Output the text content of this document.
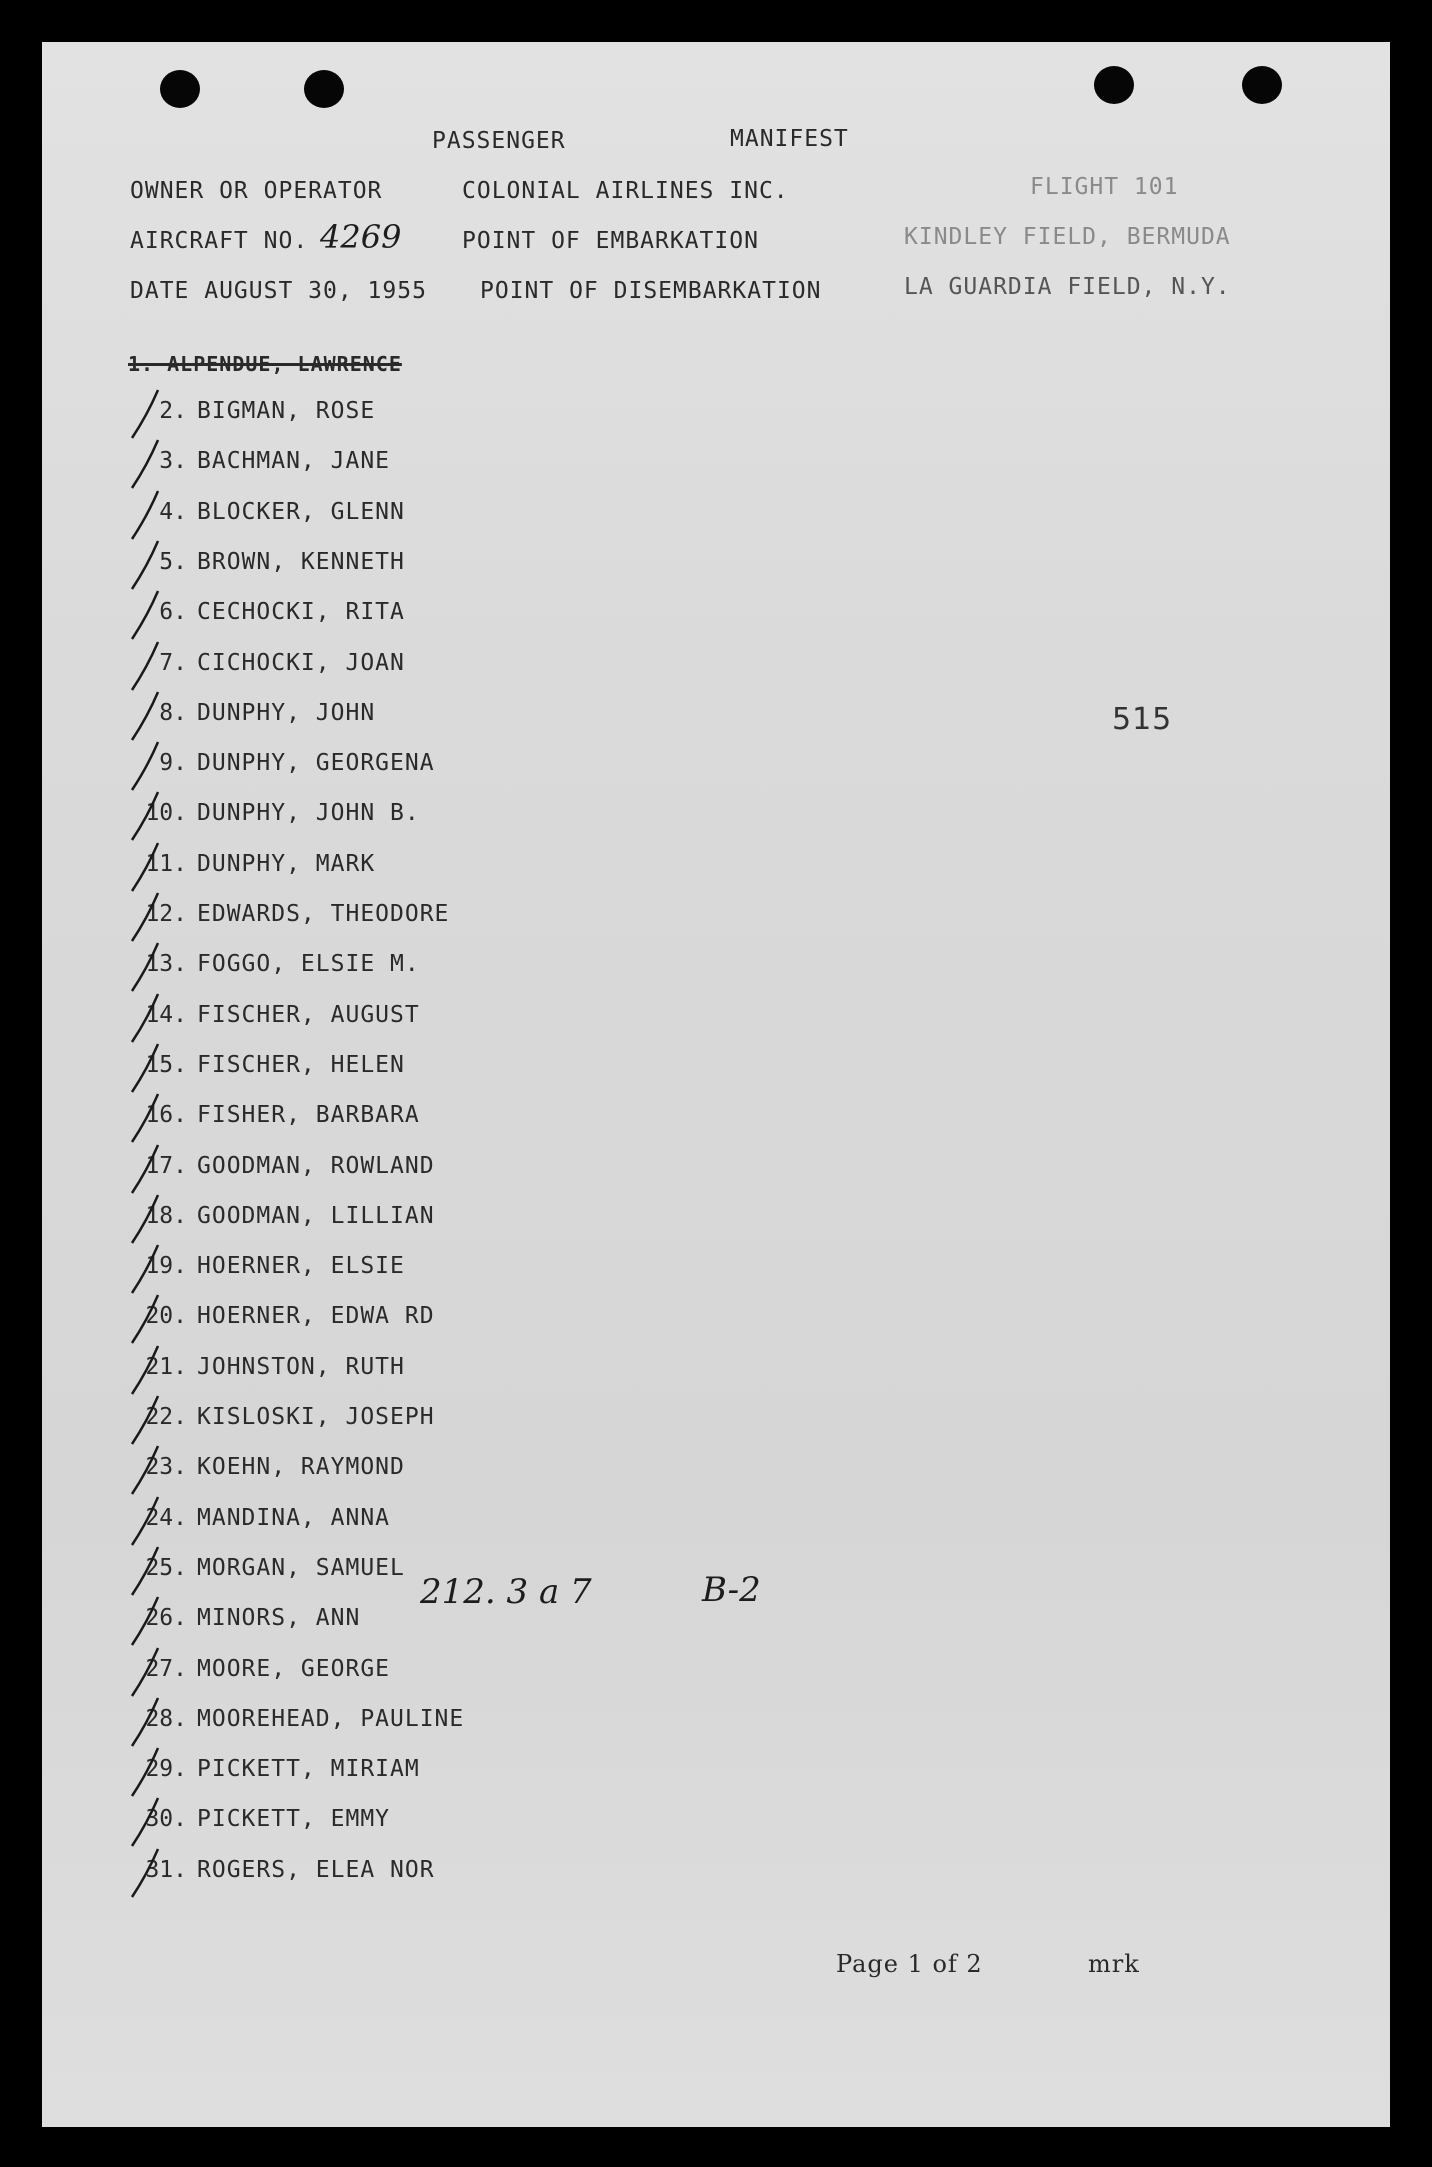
PASSENGER	MANIFEST
OWNER OR OPERATOR	COLONIAL AIRLINES INC.	FLIGHT 101
AIRCRAFT NO. 4269	POINT OF EMBARKATION	KINDLEY FIELD, BERMUDA
DATE AUGUST 30, 1955 POINT OF DISEMBARKATION	LA GUARDIA FIELD, N.Y.
1. ALPENDUE, LAWRENCE
2. BIGMAN, ROSE
3. BACHMAN, JANE
4. BLOCKER, GLENN
5. BROWN, KENNETH
6. CECHOCKI, RITA
7. CICHOCKI, JOAN
8. DUNPHY, JOHN
9. DUNPHY, GEORGENA
10. DUNPHY, JOHN B.
11. DUNPHY, MARK
12. EDWARDS, THEODORE
13. FOGGO, ELSIE M.
14. FISCHER, AUGUST
15. FISCHER, HELEN
16. FISHER, BARBARA
17. GOODMAN, ROWLAND
18. GOODMAN, LILLIAN
19. HOERNER, ELSIE
20. HOERNER, EDWA RD
21. JOHNSTON, RUTH
22. KISLOSKI, JOSEPH
23. KOEHN, RAYMOND
24. MANDINA, ANNA
25. MORGAN, SAMUEL
26. MINORS, ANN
27. MOORE, GEORGE
28. MOOREHEAD, PAULINE
29. PICKETT, MIRIAM
30. PICKETT, EMMY
31. ROGERS, ELEA NOR
515
212. 3 a 7	B-2
Page 1 of 2	mrk
